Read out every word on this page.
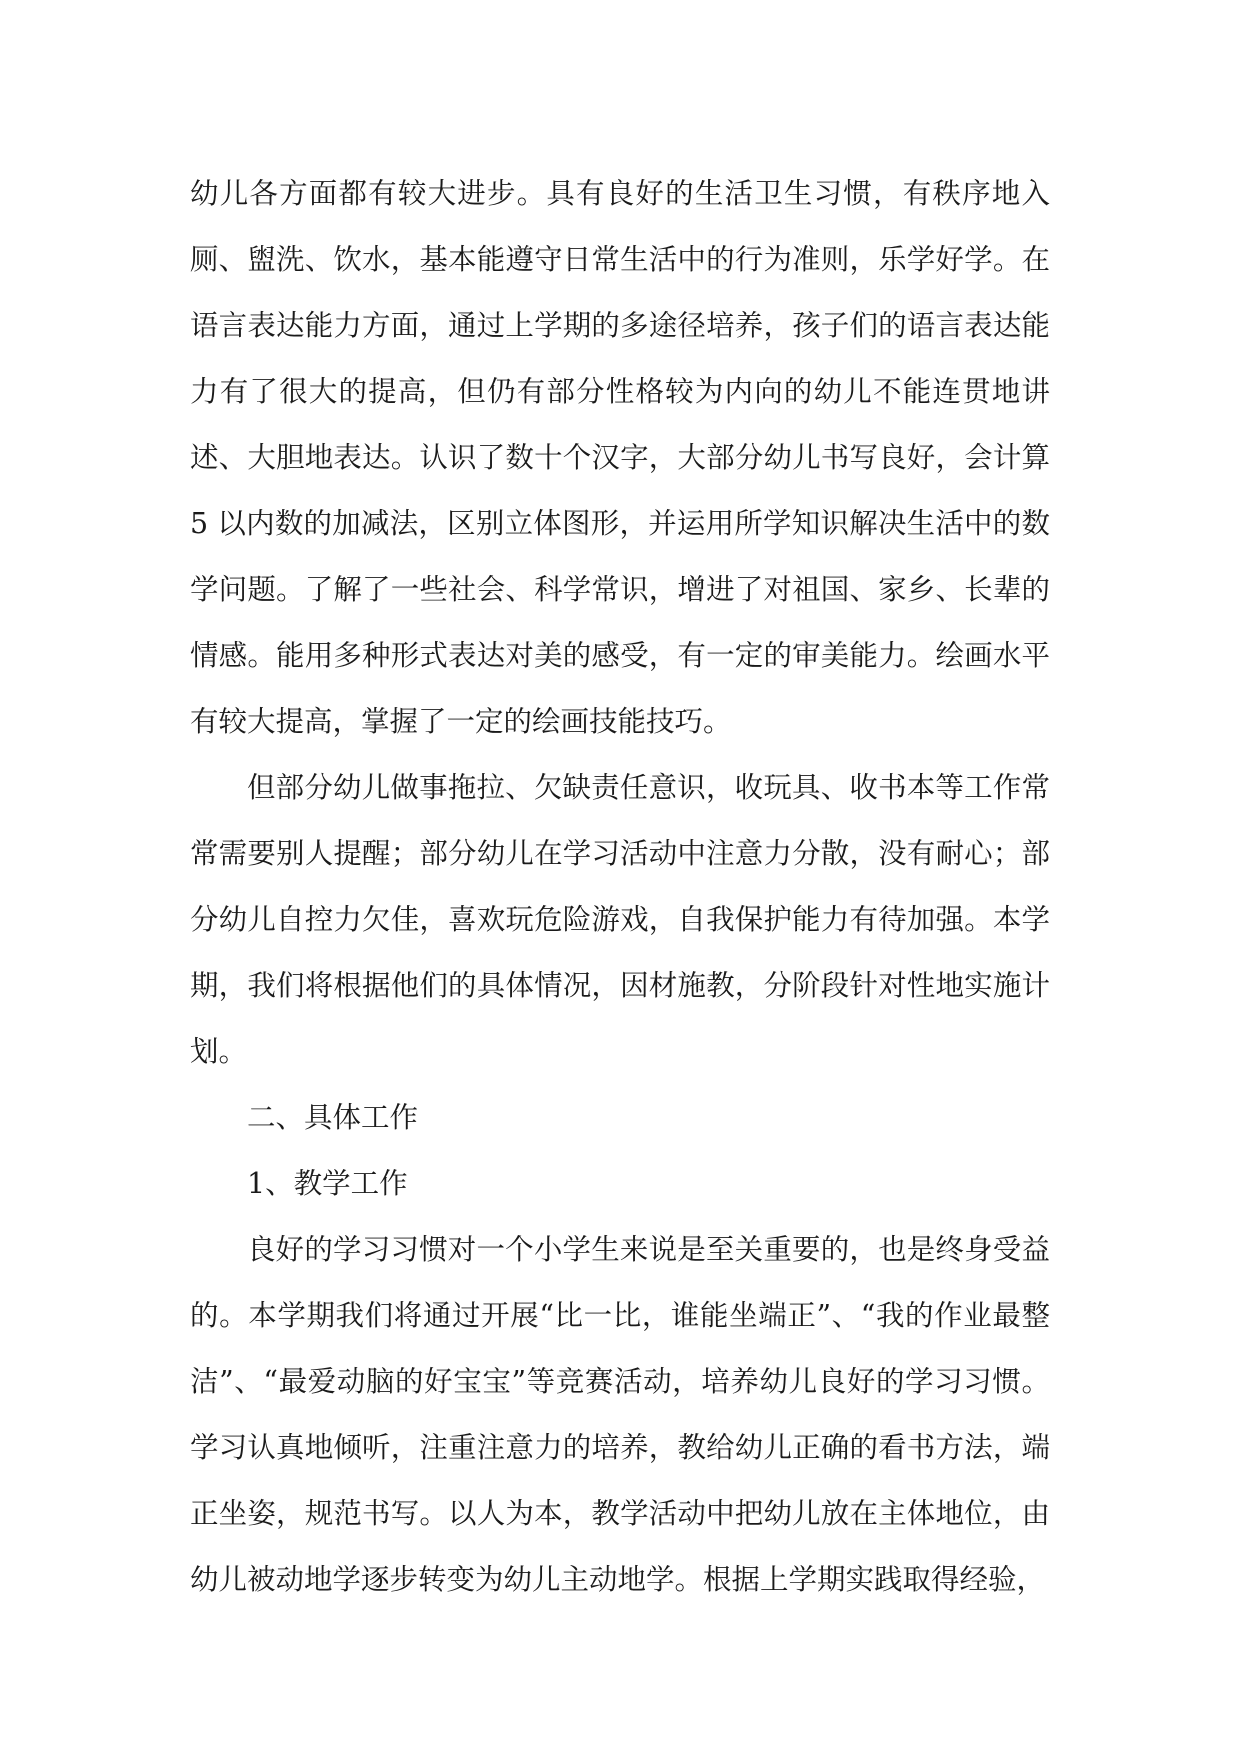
幼儿各方面都有较大进步。具有良好的生活卫生习惯，有秩序地入厕、盥洗、饮水，基本能遵守日常生活中的行为准则，乐学好学。在语言表达能力方面，通过上学期的多途径培养，孩子们的语言表达能力有了很大的提高，但仍有部分性格较为内向的幼儿不能连贯地讲述、大胆地表达。认识了数十个汉字，大部分幼儿书写良好，会计算 5 以内数的加减法，区别立体图形，并运用所学知识解决生活中的数学问题。了解了一些社会、科学常识，增进了对祖国、家乡、长辈的情感。能用多种形式表达对美的感受，有一定的审美能力。绘画水平有较大提高，掌握了一定的绘画技能技巧。

但部分幼儿做事拖拉、欠缺责任意识，收玩具、收书本等工作常常需要别人提醒；部分幼儿在学习活动中注意力分散，没有耐心；部分幼儿自控力欠佳，喜欢玩危险游戏，自我保护能力有待加强。本学期，我们将根据他们的具体情况，因材施教，分阶段针对性地实施计划。

二、具体工作

1、教学工作

良好的学习习惯对一个小学生来说是至关重要的，也是终身受益的。本学期我们将通过开展“比一比，谁能坐端正”、“我的作业最整洁”、“最爱动脑的好宝宝”等竞赛活动，培养幼儿良好的学习习惯。学习认真地倾听，注重注意力的培养，教给幼儿正确的看书方法，端正坐姿，规范书写。以人为本，教学活动中把幼儿放在主体地位，由幼儿被动地学逐步转变为幼儿主动地学。根据上学期实践取得经验，
